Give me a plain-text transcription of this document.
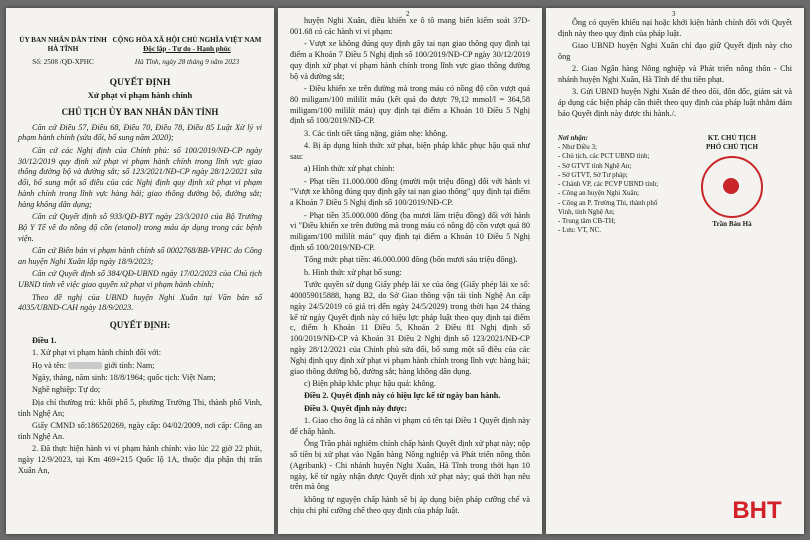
ỦY BAN NHÂN DÂN TỈNH HÀ TĨNH
Số: 2508 /QĐ-XPHC
CỘNG HÒA XÃ HỘI CHỦ NGHĨA VIỆT NAM
Độc lập - Tự do - Hạnh phúc
Hà Tĩnh, ngày 28 tháng 9 năm 2023
QUYẾT ĐỊNH
Xử phạt vi phạm hành chính
CHỦ TỊCH ỦY BAN NHÂN DÂN TỈNH

Căn cứ Điều 57, Điều 68, Điều 70, Điều 78, Điều 85 Luật Xử lý vi phạm hành chính (sửa đổi, bổ sung năm 2020);

Căn cứ các Nghị định của Chính phủ: số 100/2019/NĐ-CP ngày 30/12/2019 quy định xử phạt vi phạm hành chính trong lĩnh vực giao thông đường bộ và đường sắt; số 123/2021/NĐ-CP ngày 28/12/2021 sửa đổi, bổ sung một số điều của các Nghị định quy định xử phạt vi phạm hành chính trong lĩnh vực hàng hải; giao thông đường bộ, đường sắt; hàng không dân dụng;

Căn cứ Quyết định số 933/QĐ-BYT ngày 23/3/2010 của Bộ Trưởng Bộ Y Tế về đo nồng độ cồn (etanol) trong máu áp dụng trong các bệnh viện.

Căn cứ Biên bản vi phạm hành chính số 0002768/BB-VPHC do Công an huyện Nghi Xuân lập ngày 18/9/2023;

Căn cứ Quyết định số 384/QĐ-UBND ngày 17/02/2023 của Chủ tịch UBND tỉnh về việc giao quyền xử phạt vi phạm hành chính;

Theo đề nghị của UBND huyện Nghi Xuân tại Văn bản số 4035/UBND-CAH ngày 18/9/2023.

QUYẾT ĐỊNH:

Điều 1.

1. Xử phạt vi phạm hành chính đối với:

Họ và tên:	giới tính: Nam;

Ngày, tháng, năm sinh: 18/8/1964; quốc tịch: Việt Nam;

Nghề nghiệp: Tự do;

Địa chỉ thường trú: khối phố 5, phường Trường Thi, thành phố Vinh, tỉnh Nghệ An;

Giấy CMND số:186520269, ngày cấp: 04/02/2009, nơi cấp: Công an tỉnh Nghệ An.

2. Đã thực hiện hành vi vi phạm hành chính: vào lúc 22 giờ 22 phút, ngày 12/9/2023, tại Km 469+215 Quốc lộ 1A, thuộc địa phận thị trấn Xuân An,

2

huyện Nghi Xuân, điều khiển xe ô tô mang biển kiểm soát 37D-001.68 có các hành vi vi phạm:

- Vượt xe không đúng quy định gây tai nạn giao thông quy định tại điểm a Khoản 7 Điều 5 Nghị định số 100/2019/NĐ-CP ngày 30/12/2019 quy định xử phạt vi phạm hành chính trong lĩnh vực giao thông đường bộ và đường sắt;

- Điều khiển xe trên đường mà trong máu có nồng độ cồn vượt quá 80 miligam/100 mililít máu (kết quả đo được 79,12 mmol/l = 364,58 miligam/100 mililít máu) quy định tại điểm a Khoản 10 Điều 5 Nghị định số 100/2019/NĐ-CP.

3. Các tình tiết tăng nặng, giảm nhẹ: không.

4. Bị áp dụng hình thức xử phạt, biện pháp khắc phục hậu quả như sau:

a) Hình thức xử phạt chính:

- Phạt tiền 11.000.000 đồng (mười một triệu đồng) đối với hành vi "Vượt xe không đúng quy định gây tai nạn giao thông" quy định tại điểm a Khoản 7 Điều 5 Nghị định số 100/2019/NĐ-CP.

- Phạt tiền 35.000.000 đồng (ba mươi lăm triệu đồng) đối với hành vi "Điều khiển xe trên đường mà trong máu có nồng độ cồn vượt quá 80 miligam/100 mililít máu" quy định tại điểm a Khoản 10 Điều 5 Nghị định số 100/2019/NĐ-CP.

Tổng mức phạt tiền: 46.000.000 đồng (bốn mươi sáu triệu đồng).

b. Hình thức xử phạt bổ sung:

Tước quyền sử dụng Giấy phép lái xe của ông (Giấy phép lái xe số: 400059015888, hạng B2, do Sở Giao thông vận tải tỉnh Nghệ An cấp ngày 24/5/2019 có giá trị đến ngày 24/5/2029) trong thời hạn 24 tháng kể từ ngày Quyết định này có hiệu lực pháp luật theo quy định tại điểm c, điểm h Khoản 11 Điều 5, Khoản 2 Điều 81 Nghị định số 100/2019/NĐ-CP và Khoản 31 Điều 2 Nghị định số 123/2021/NĐ-CP ngày 28/12/2021 của Chính phủ sửa đổi, bổ sung một số điều của các Nghị định quy định xử phạt vi phạm hành chính trong lĩnh vực hàng hải; giao thông đường bộ, đường sắt; hàng không dân dụng.

c) Biện pháp khắc phục hậu quả: không.

Điều 2. Quyết định này có hiệu lực kể từ ngày ban hành.

Điều 3. Quyết định này được:

1. Giao cho ông là cá nhân vi phạm có tên tại Điều 1 Quyết định này để chấp hành.

Ông Trần phải nghiêm chỉnh chấp hành Quyết định xử phạt này; nộp số tiền bị xử phạt vào Ngân hàng Nông nghiệp và Phát triển nông thôn (Agribank) - Chi nhánh huyện Nghi Xuân, Hà Tĩnh trong thời hạn 10 ngày, kể từ ngày nhận được Quyết định xử phạt này; quá thời hạn nêu trên mà ông

không tự nguyện chấp hành sẽ bị áp dụng biện pháp cưỡng chế và chịu chi phí cưỡng chế theo quy định của pháp luật.

3

Ông có quyền khiếu nại hoặc khởi kiện hành chính đối với Quyết định này theo quy định của pháp luật.

Giao UBND huyện Nghi Xuân chỉ đạo giữ Quyết định này cho ông

2. Giao Ngân hàng Nông nghiệp và Phát triển nông thôn - Chi nhánh huyện Nghi Xuân, Hà Tĩnh để thu tiền phạt.

3. Gửi UBND huyện Nghi Xuân để theo dõi, đôn đốc, giám sát và áp dụng các biện pháp cần thiết theo quy định của pháp luật nhằm đảm bảo Quyết định này được thi hành./.

Nơi nhận:
- Như Điều 3;
- Chủ tịch, các PCT UBND tỉnh;
- Sở GTVT tỉnh Nghệ An;
- Sở GTVT, Sở Tư pháp;
- Chánh VP, các PCVP UBND tỉnh;
- Công an huyện Nghi Xuân;
- Công an P. Trường Thi, thành phố Vinh, tỉnh Nghệ An;
- Trung tâm CB-TH;
- Lưu: VT, NC.
KT. CHỦ TỊCH
PHÓ CHỦ TỊCH
Trần Báu Hà
BHT
